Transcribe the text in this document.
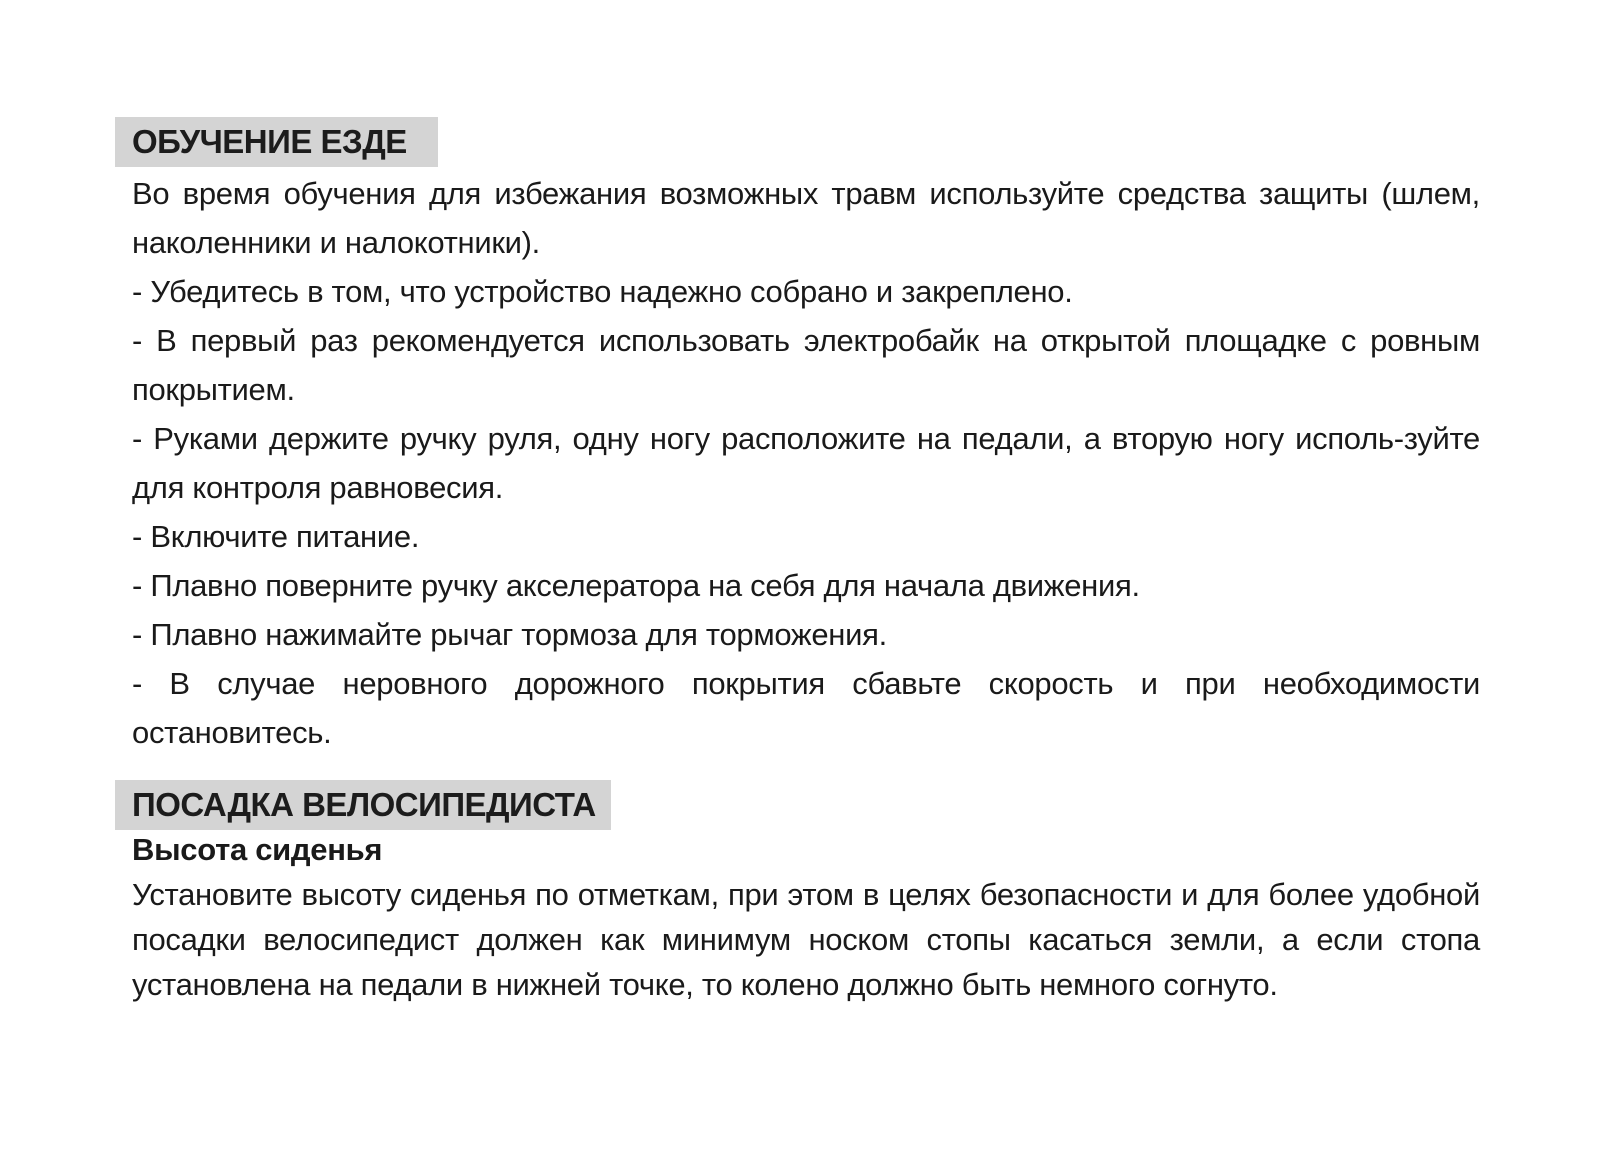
ОБУЧЕНИЕ ЕЗДЕ

Во время обучения для избежания возможных травм используйте средства защиты (шлем, наколенники и налокотники).

- Убедитесь в том, что устройство надежно собрано и закреплено.

- В первый раз рекомендуется использовать электробайк на открытой площадке с ровным покрытием.

- Руками держите ручку руля, одну ногу расположите на педали, а вторую ногу исполь-зуйте для контроля равновесия.

- Включите питание.

- Плавно поверните ручку акселератора на себя для начала движения.

- Плавно нажимайте рычаг тормоза для торможения.

- В случае неровного дорожного покрытия сбавьте скорость и при необходимости остановитесь.

ПОСАДКА ВЕЛОСИПЕДИСТА
Высота сиденья

Установите высоту сиденья по отметкам, при этом в целях безопасности и для более удобной посадки велосипедист должен как минимум носком стопы касаться земли, а если стопа установлена на педали в нижней точке, то колено должно быть немного согнуто.
